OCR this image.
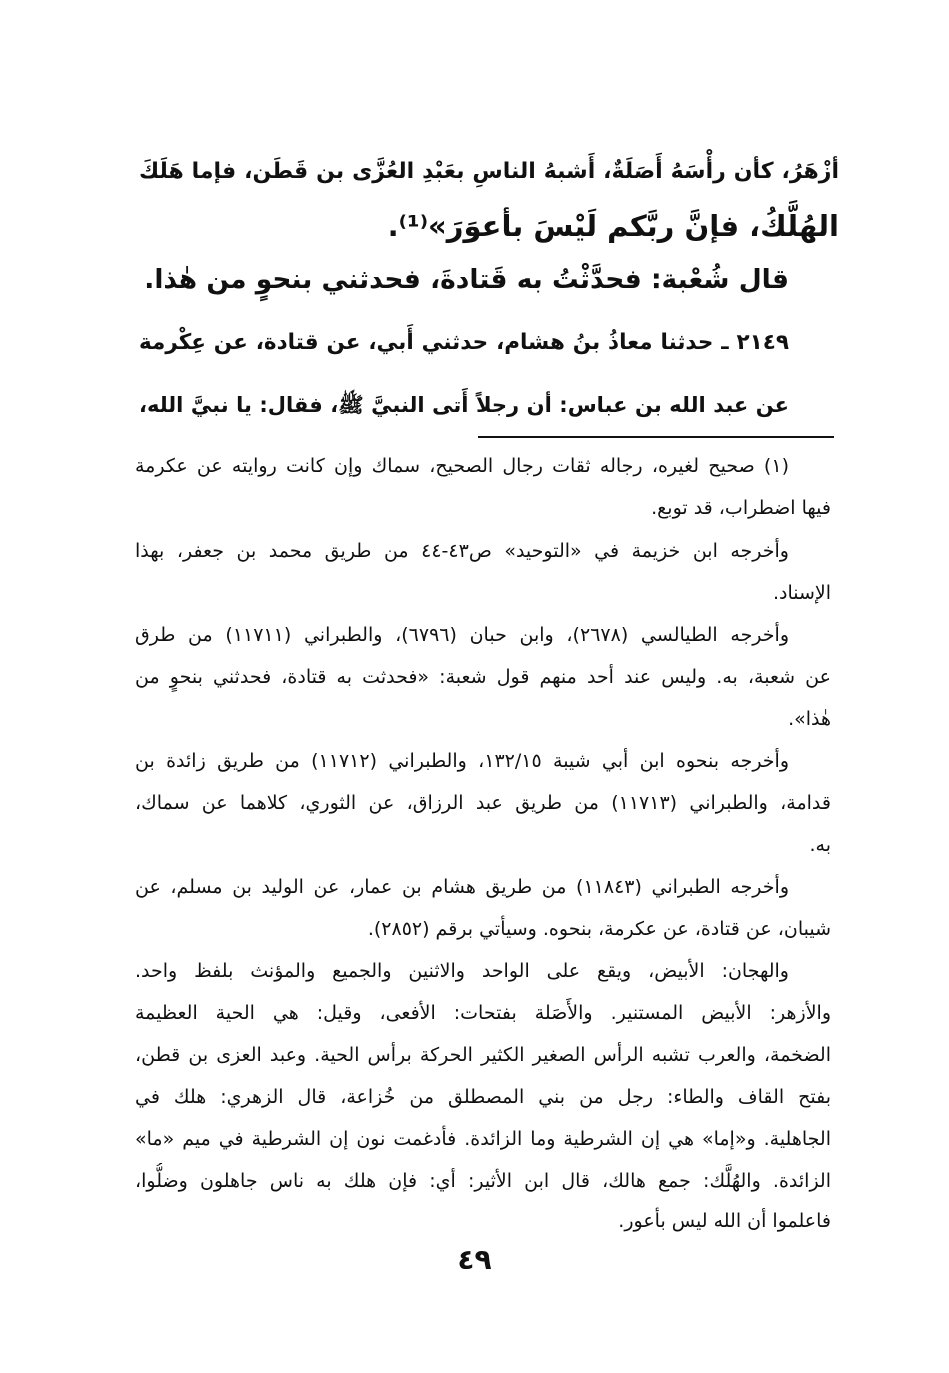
أزْهَرُ، كأن رأْسَهُ أَصَلَةٌ، أَشبهُ الناسِ بعَبْدِ العُزَّى بن قَطَن، فإما هَلَكَ
الهُلَّكُ، فإنَّ ربَّكم لَيْسَ بأعوَرَ»⁽¹⁾.
قال شُعْبة: فحدَّثْتُ به قَتادةَ، فحدثني بنحوٍ من هٰذا.
٢١٤٩ ـ حدثنا معاذُ بنُ هشام، حدثني أَبي، عن قتادة، عن عِكْرمة
عن عبد الله بن عباس: أن رجلاً أَتى النبيَّ ﷺ، فقال: يا نبيَّ الله،
(١) صحيح لغيره، رجاله ثقات رجال الصحيح، سماك وإن كانت روايته عن عكرمة
فيها اضطراب، قد توبع.
وأخرجه ابن خزيمة في «التوحيد» ص٤٣-٤٤ من طريق محمد بن جعفر، بهذا
الإسناد.
وأخرجه الطيالسي (٢٦٧٨)، وابن حبان (٦٧٩٦)، والطبراني (١١٧١١) من طرق
عن شعبة، به. وليس عند أحد منهم قول شعبة: «فحدثت به قتادة، فحدثني بنحوٍ من
هٰذا».
وأخرجه بنحوه ابن أبي شيبة ١٣٢/١٥، والطبراني (١١٧١٢) من طريق زائدة بن
قدامة، والطبراني (١١٧١٣) من طريق عبد الرزاق، عن الثوري، كلاهما عن سماك،
به.
وأخرجه الطبراني (١١٨٤٣) من طريق هشام بن عمار، عن الوليد بن مسلم، عن
شيبان، عن قتادة، عن عكرمة، بنحوه. وسيأتي برقم (٢٨٥٢).
والهجان: الأبيض، ويقع على الواحد والاثنين والجميع والمؤنث بلفظ واحد.
والأزهر: الأبيض المستنير. والأَصَلة بفتحات: الأفعى، وقيل: هي الحية العظيمة
الضخمة، والعرب تشبه الرأس الصغير الكثير الحركة برأس الحية. وعبد العزى بن قطن،
بفتح القاف والطاء: رجل من بني المصطلق من خُزاعة، قال الزهري: هلك في
الجاهلية. و«إما» هي إن الشرطية وما الزائدة. فأدغمت نون إن الشرطية في ميم «ما»
الزائدة. والهُلَّك: جمع هالك، قال ابن الأثير: أي: فإن هلك به ناس جاهلون وضلُّوا،
فاعلموا أن الله ليس بأعور.
٤٩
